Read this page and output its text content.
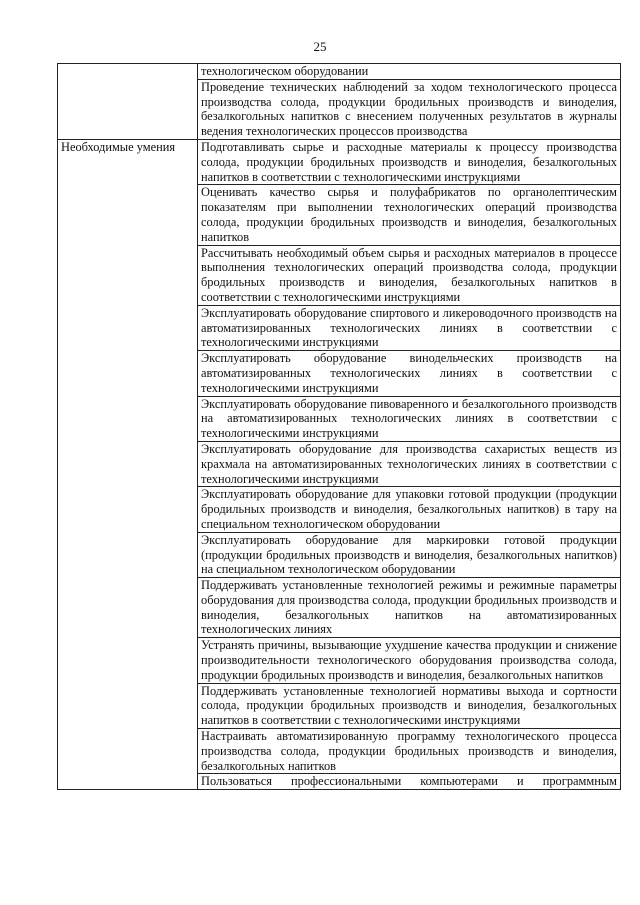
25
	технологическом оборудовании
	Проведение технических наблюдений за ходом технологического процесса производства солода, продукции бродильных производств и виноделия, безалкогольных напитков с внесением полученных результатов в журналы ведения технологических процессов производства
Необходимые умения	Подготавливать сырье и расходные материалы к процессу производства солода, продукции бродильных производств и виноделия, безалкогольных напитков в соответствии с технологическими инструкциями
	Оценивать качество сырья и полуфабрикатов по органолептическим показателям при выполнении технологических операций производства солода, продукции бродильных производств и виноделия, безалкогольных напитков
	Рассчитывать необходимый объем сырья и расходных материалов в процессе выполнения технологических операций производства солода, продукции бродильных производств и виноделия, безалкогольных напитков в соответствии с технологическими инструкциями
	Эксплуатировать оборудование спиртового и ликероводочного производств на автоматизированных технологических линиях в соответствии с технологическими инструкциями
	Эксплуатировать оборудование винодельческих производств на автоматизированных технологических линиях в соответствии с технологическими инструкциями
	Эксплуатировать оборудование пивоваренного и безалкогольного производств на автоматизированных технологических линиях в соответствии с технологическими инструкциями
	Эксплуатировать оборудование для производства сахаристых веществ из крахмала на автоматизированных технологических линиях в соответствии с технологическими инструкциями
	Эксплуатировать оборудование для упаковки готовой продукции (продукции бродильных производств и виноделия, безалкогольных напитков) в тару на специальном технологическом оборудовании
	Эксплуатировать оборудование для маркировки готовой продукции (продукции бродильных производств и виноделия, безалкогольных напитков) на специальном технологическом оборудовании
	Поддерживать установленные технологией режимы и режимные параметры оборудования для производства солода, продукции бродильных производств и виноделия, безалкогольных напитков на автоматизированных технологических линиях
	Устранять причины, вызывающие ухудшение качества продукции и снижение производительности технологического оборудования производства солода, продукции бродильных производств и виноделия, безалкогольных напитков
	Поддерживать установленные технологией нормативы выхода и сортности солода, продукции бродильных производств и виноделия, безалкогольных напитков в соответствии с технологическими инструкциями
	Настраивать автоматизированную программу технологического процесса производства солода, продукции бродильных производств и виноделия, безалкогольных напитков
	Пользоваться профессиональными компьютерами и программным
